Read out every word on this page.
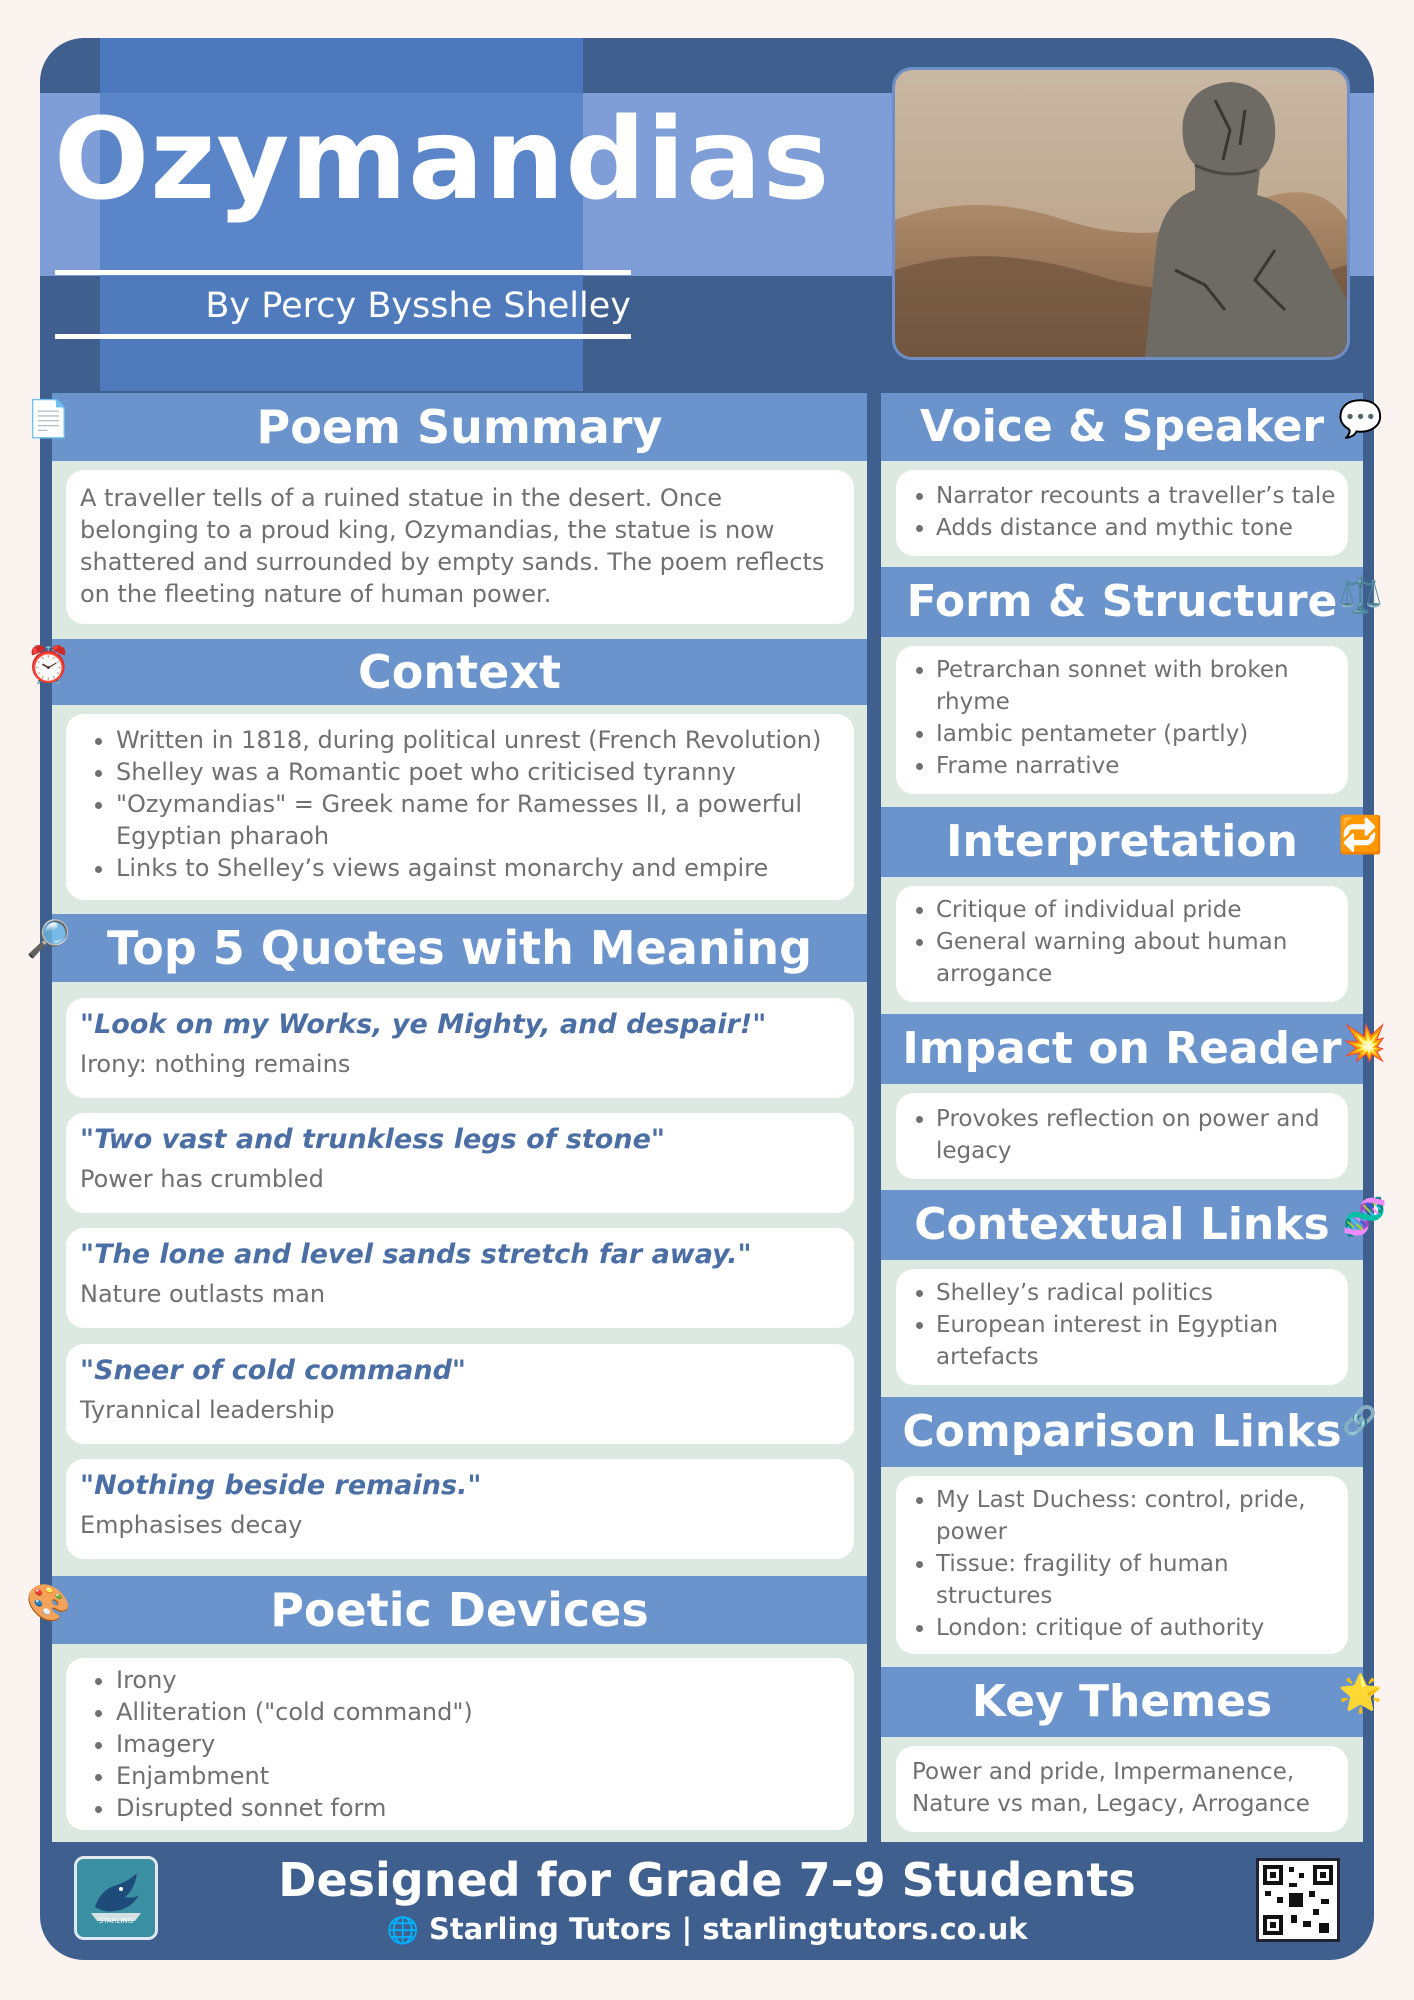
Ozymandias
By Percy Bysshe Shelley
Poem Summary
📄
A traveller tells of a ruined statue in the desert. Once belonging to a proud king, Ozymandias, the statue is now shattered and surrounded by empty sands. The poem reflects on the fleeting nature of human power.
Context
⏰
• Written in 1818, during political unrest (French Revolution)
• Shelley was a Romantic poet who criticised tyranny
• "Ozymandias" = Greek name for Ramesses II, a powerful Egyptian pharaoh
• Links to Shelley’s views against monarchy and empire
Top 5 Quotes with Meaning
🔎
"Look on my Works, ye Mighty, and despair!"
Irony: nothing remains
"Two vast and trunkless legs of stone"
Power has crumbled
"The lone and level sands stretch far away."
Nature outlasts man
"Sneer of cold command"
Tyrannical leadership
"Nothing beside remains."
Emphasises decay
Poetic Devices
🎨
• Irony
• Alliteration ("cold command")
• Imagery
• Enjambment
• Disrupted sonnet form
Voice & Speaker 💬
• Narrator recounts a traveller’s tale
• Adds distance and mythic tone
Form & Structure ⚖️
• Petrarchan sonnet with broken rhyme
• Iambic pentameter (partly)
• Frame narrative
Interpretation	🔁
• Critique of individual pride
• General warning about human arrogance
Impact on Reader 💥
• Provokes reflection on power and legacy
Contextual Links 🧬
• Shelley’s radical politics
• European interest in Egyptian artefacts
Comparison Links 🔗
• My Last Duchess: control, pride, power
• Tissue: fragility of human structures
• London: critique of authority
Key Themes	🌟
Power and pride, Impermanence, Nature vs man, Legacy, Arrogance
Designed for Grade 7–9 Students
🌐 Starling Tutors | starlingtutors.co.uk
STARLING
